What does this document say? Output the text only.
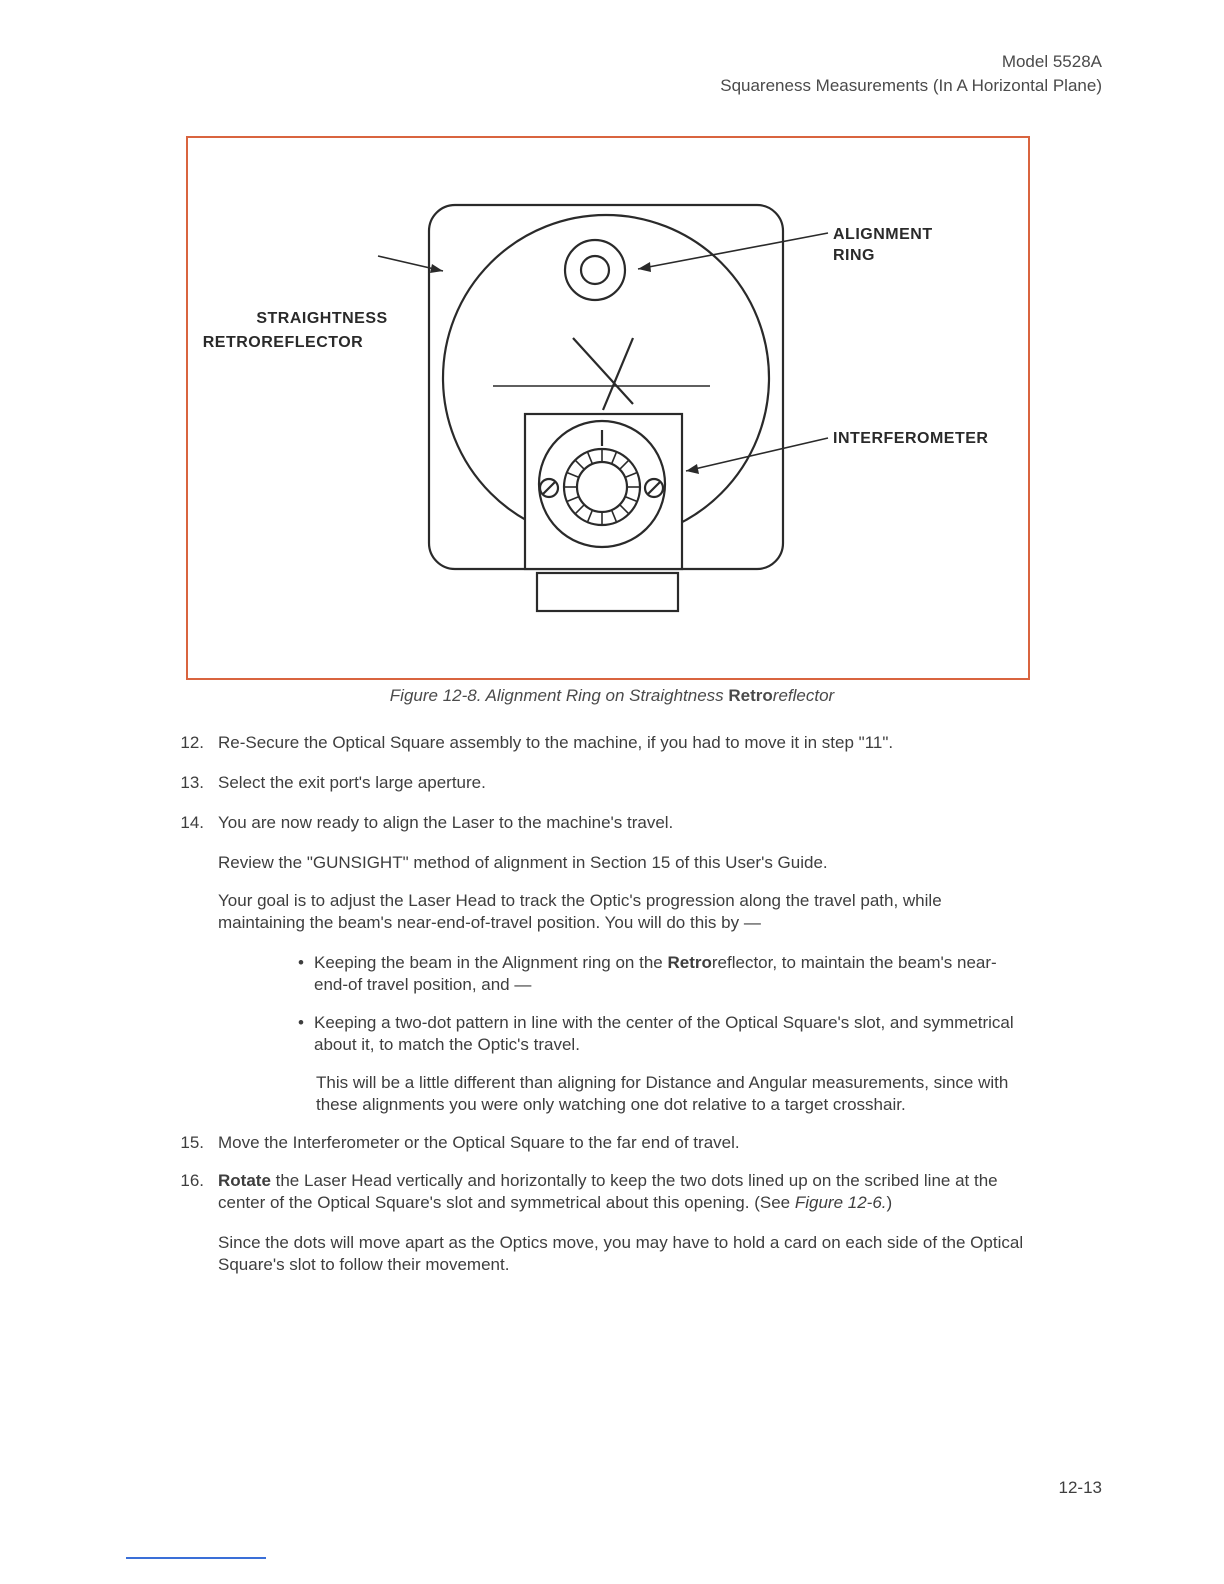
Model 5528A
Squareness Measurements (In A Horizontal Plane)
ALIGNMENT
RING
STRAIGHTNESS
RETROREFLECTOR
INTERFEROMETER
Figure 12-8. Alignment Ring on Straightness Retroreflector
12. Re-Secure the Optical Square assembly to the machine, if you had to move it in step "11".
13. Select the exit port's large aperture.
14. You are now ready to align the Laser to the machine's travel.
Review the "GUNSIGHT" method of alignment in Section 15 of this User's Guide.
Your goal is to adjust the Laser Head to track the Optic's progression along the travel path, while maintaining the beam's near-end-of-travel position. You will do this by —
• Keeping the beam in the Alignment ring on the Retroreflector, to maintain the beam's near-end-of travel position, and —
• Keeping a two-dot pattern in line with the center of the Optical Square's slot, and symmetrical about it, to match the Optic's travel.
This will be a little different than aligning for Distance and Angular measurements, since with these alignments you were only watching one dot relative to a target crosshair.
15. Move the Interferometer or the Optical Square to the far end of travel.
16. Rotate the Laser Head vertically and horizontally to keep the two dots lined up on the scribed line at the center of the Optical Square's slot and symmetrical about this opening. (See Figure 12-6.)
Since the dots will move apart as the Optics move, you may have to hold a card on each side of the Optical Square's slot to follow their movement.
12-13
